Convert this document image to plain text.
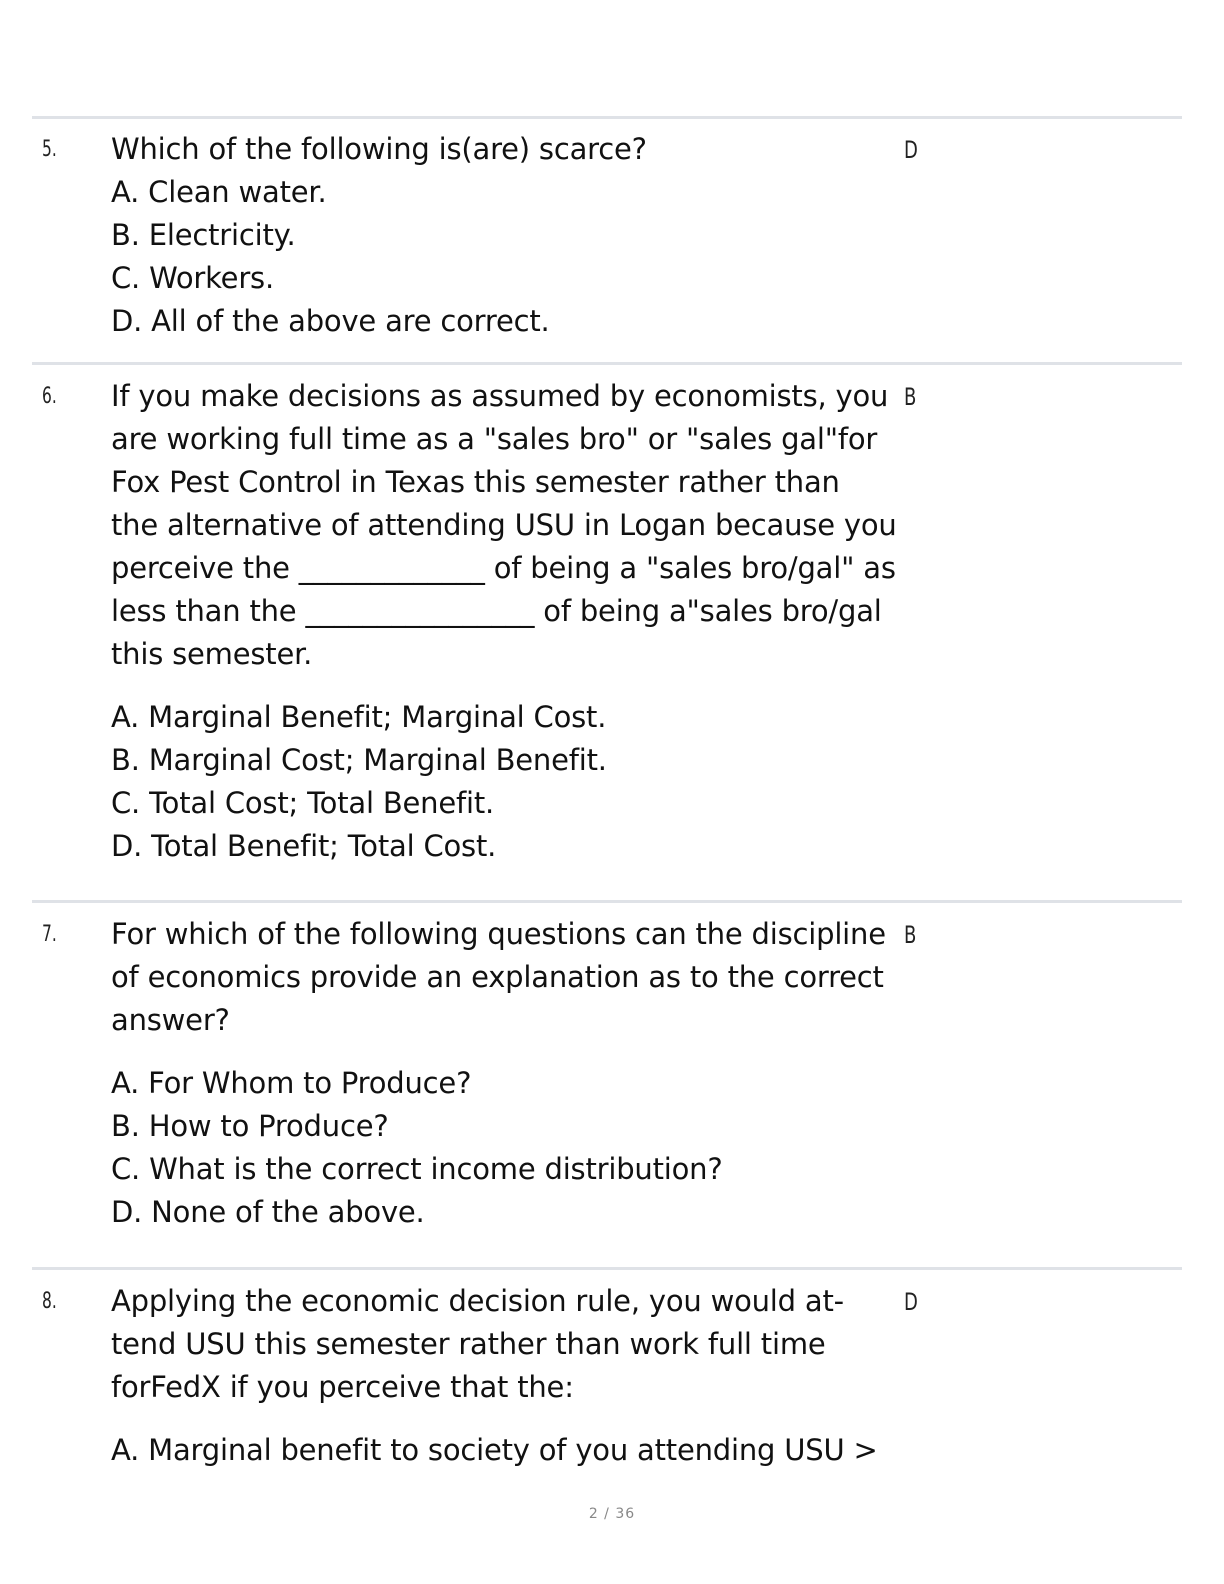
5.	D
Which of the following is(are) scarce?
A. Clean water.
B. Electricity.
C. Workers.
D. All of the above are correct.
6.	B
If you make decisions as assumed by economists, you
are working full time as a "sales bro" or "sales gal"for
Fox Pest Control in Texas this semester rather than
the alternative of attending USU in Logan because you
perceive the _____________ of being a "sales bro/gal" as
less than the ________________ of being a"sales bro/gal
this semester.
A. Marginal Benefit; Marginal Cost.
B. Marginal Cost; Marginal Benefit.
C. Total Cost; Total Benefit.
D. Total Benefit; Total Cost.
7.	B
For which of the following questions can the discipline
of economics provide an explanation as to the correct
answer?
A. For Whom to Produce?
B. How to Produce?
C. What is the correct income distribution?
D. None of the above.
8.	D
Applying the economic decision rule, you would at-
tend USU this semester rather than work full time
forFedX if you perceive that the:
A. Marginal benefit to society of you attending USU >
2 / 36
